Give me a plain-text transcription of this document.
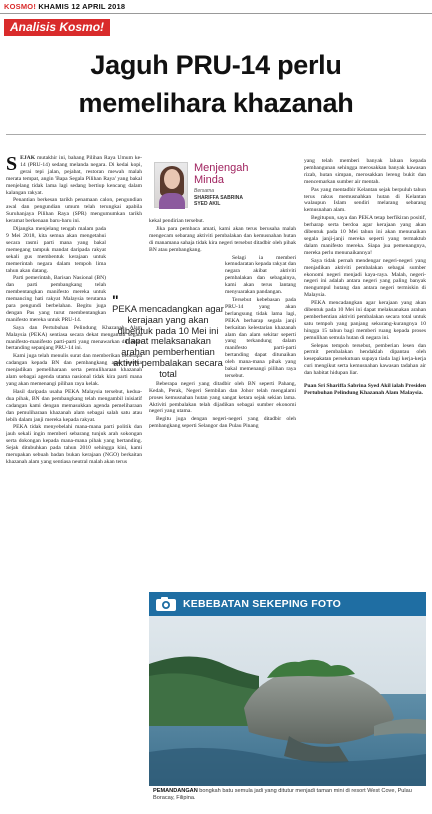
KOSMO! KHAMIS 12 APRIL 2018
Analisis Kosmo!
Jaguh PRU-14 perlu
memelihara khazanah

SEJAK mutakhir ini, bahang Pilihan Raya Umum ke-14 (PRU-14) sedang melanda negara. Di kedai kopi, gerai tepi jalan, pejabat, restoran mewah malah merata tempat, angin 'Bapa Segala Pilihan Raya' yang bakal menjelang tidak lama lagi sedang bertiup kencang dalam kalangan rakyat.

Penantian berkesan tarikh penamaan calon, pengundian awal dan pengundian umum telah terungkai apabila Suruhanjaya Pilihan Raya (SPR) mengumumkan tarikh keramat berkenaan baru-baru ini.

Dijangka menjelang tengah malam pada 9 Mei 2018, kita semua akan mengetahui secara rasmi parti mana yang bakal memegang tampuk mandat daripada rakyat sekali gus membentuk kerajaan untuk memerintah negara dalam tempoh lima tahun akan datang.

Parti pemerintah, Barisan Nasional (BN) dan parti pembangkang telah membentangkan manifesto mereka untuk memancing hati rakyat Malaysia terutama para pengundi berbelahan. Begitu juga dengan Pas yang turut membentangkan manifesto mereka untuk PRU-14.

Saya dan Pertubuhan Pelindung Khazanah Alam Malaysia (PEKA) sentiasa secara dekat mengamati segala manifesto-manifesto parti-parti yang menawarkan diri akan bertanding sepanjang PRU-14 ini.

Kami juga telah menulis surat dan memberikan beberapa cadangan kepada BN dan pembangkang agar mereka menjadikan pemeliharaan serta pemuliharaan khazanah alam sebagai agenda utama nasional tidak kira parti mana yang akan memenangi pilihan raya kelak.

Hasil daripada usaha PEKA Malaysia tersebut, kedua-dua pihak, BN dan pembangkang telah mengambil inisiatif cadangan kami dengan memasukkan agenda pemeliharaan dan pemuliharaan khazanah alam sebagai salah satu atau lebih dalam janji mereka kepada rakyat.

PEKA tidak menyebelahi mana-mana parti politik dan jauh sekali ingin memberi sebarang tunjuk arah sokongan serta dokongan kepada mana-mana pihak yang bertanding. Sejak ditubuhkan pada tahun 2010 sehingga kini, kami merupakan sebuah badan bukan kerajaan (NGO) berkaitan khazanah alam yang sentiasa neutral malah akan terus

Menjengah
Minda
Bersama
SHARIFFA SABRINA
SYED AKIL

kekal pendirian tersebut.

Jika para pembaca amati, kami akan terus berusaha malah mengecam sebarang aktiviti pembalakan dan kemusnahan hutan di manamana sahaja tidak kira negeri tersebut ditadbir oleh pihak BN atau pembangkang.

Selagi ia memberi kemudaratan kepada rakyat dan negara akibat aktiviti pembalakan dan sebagainya, kami akan terus lantang menyuarakan pandangan.

Tersebut kebebasan pada PRU-14 yang akan berlangsung tidak lama lagi, PEKA berharap segala janji berkaitan kelestarian khazanah alam dan alam sekitar seperti yang terkandung dalam manifesto parti-parti bertanding dapat ditunaikan oleh mana-mana pihak yang bakal memenangi pilihan raya tersebut.

Beberapa negeri yang ditadbir oleh BN seperti Pahang, Kedah, Perak, Negeri Sembilan dan Johor telah mengalami proses kemusnahan hutan yang sangat ketara sejak sekian lama. Aktiviti pembalakan telah dijadikan sebagai sumber ekonomi negeri yang utama.

Begitu juga dengan negeri-negeri yang ditadbir oleh pembangkang seperti Selangor dan Pulau Pinang

"
PEKA mencadangkan agar kerajaan yang akan dibentuk pada 10 Mei ini dapat melaksanakan arahan pemberhentian aktiviti pembalakan secara total

yang telah memberi banyak laluan kepada pembangunan sehingga merosakkan banyak kawasan rizab, hutan simpan, merosakkan lereng bukit dan mencemarkan sumber air mentah.

Pas yang mentadbir Kelantan sejak berpuluh tahun terus rakus memusnahkan hutan di Kelantan walaupun Islam sendiri melarang sebarang kemusnahan alam.

Begitupun, saya dan PEKA tetap berfikiran positif, berharap serta berdoa agar kerajaan yang akan dibentuk pada 10 Mei tahun ini akan menunaikan segala janji-janji mereka seperti yang termaktub dalam manifesto mereka. Siapa jua pemenangnya, mereka perlu menunaikannya!

Saya tidak pernah mendengar negeri-negeri yang menjadikan aktiviti pembalakan sebagai sumber ekonomi negeri menjadi kaya-raya. Malah, negeri-negeri ini adalah antara negeri yang paling banyak mengumpul hutang dan antara negeri termiskin di Malaysia.

PEKA mencadangkan agar kerajaan yang akan dibentuk pada 10 Mei ini dapat melaksanakan arahan pemberhentian aktiviti pembalakan secara total untuk satu tempoh yang panjang sekurang-kurangnya 10 hingga 15 tahun bagi memberi ruang kepada proses pemulihan semula hutan di negara ini.

Selepas tempoh tersebut, pemberian lesen dan permit pembalakan hendaklah dipantau oleh kesepakatan persekutuan supaya tiada lagi kerja-kerja curi mengikut serta kemusnahan kawasan tadahan air dan habitat hidupan liar.

Puan Sri Shariffa Sabrina Syed Akil ialah Presiden Pertubuhan Pelindung Khazanah Alam Malaysia.

KEBEBATAN SEKEPING FOTO
PEMANDANGAN bongkah batu semula jadi yang ditutur menjadi taman mini di resort West Cove, Pulau Boracay, Filipina.
